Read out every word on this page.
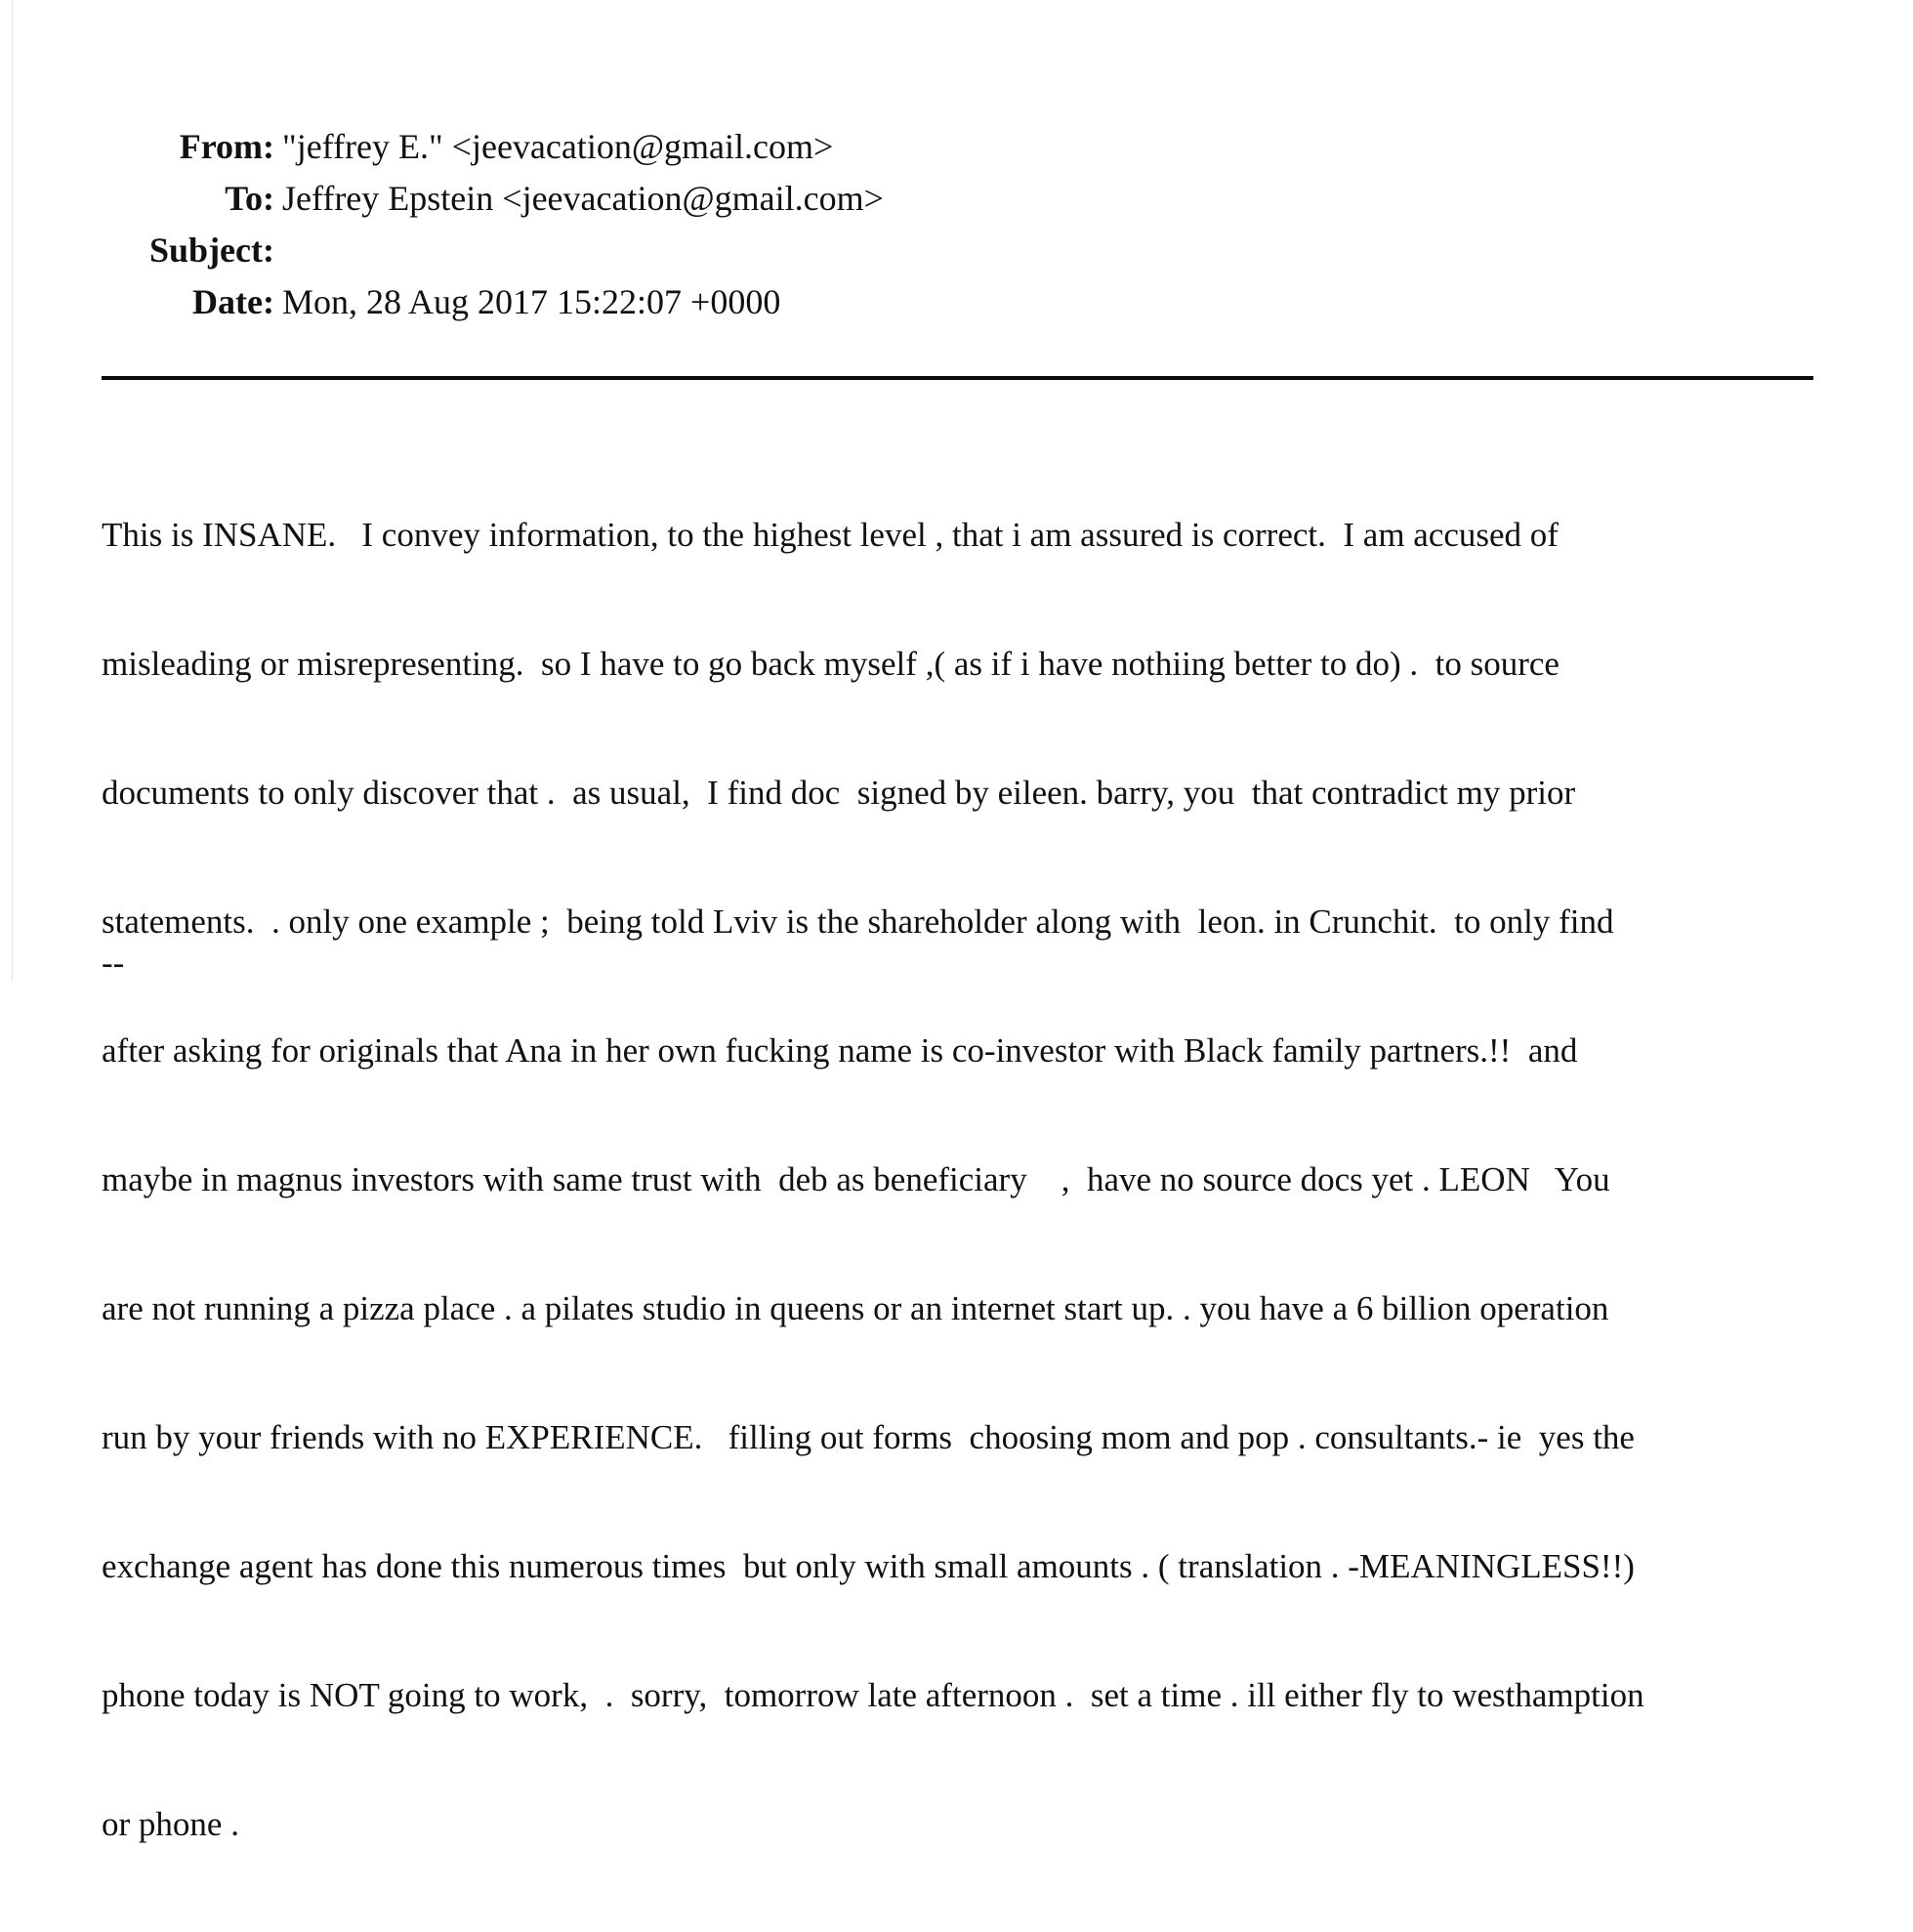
From: "jeffrey E." <jeevacation@gmail.com>
To: Jeffrey Epstein <jeevacation@gmail.com>
Subject:
Date: Mon, 28 Aug 2017 15:22:07 +0000

This is INSANE.   I convey information, to the highest level , that i am assured is correct.  I am accused of

misleading or misrepresenting.  so I have to go back myself ,( as if i have nothiing better to do) .  to source

documents to only discover that .  as usual,  I find doc  signed by eileen. barry, you  that contradict my prior

statements.  . only one example ;  being told Lviv is the shareholder along with  leon. in Crunchit.  to only find

after asking for originals that Ana in her own fucking name is co-investor with Black family partners.!!  and

maybe in magnus investors with same trust with  deb as beneficiary    ,  have no source docs yet . LEON   You

are not running a pizza place . a pilates studio in queens or an internet start up. . you have a 6 billion operation

run by your friends with no EXPERIENCE.   filling out forms  choosing mom and pop . consultants.- ie  yes the

exchange agent has done this numerous times  but only with small amounts . ( translation . -MEANINGLESS!!)

phone today is NOT going to work,  .  sorry,  tomorrow late afternoon .  set a time . ill either fly to westhamption

or phone .

--
